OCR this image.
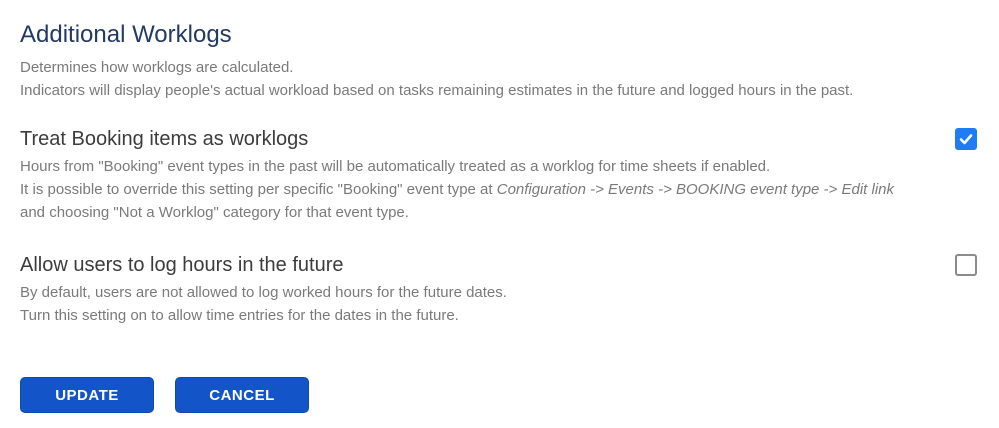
Additional Worklogs

Determines how worklogs are calculated.

Indicators will display people's actual workload based on tasks remaining estimates in the future and logged hours in the past.

Treat Booking items as worklogs

Hours from "Booking" event types in the past will be automatically treated as a worklog for time sheets if enabled.

It is possible to override this setting per specific "Booking" event type at Configuration -> Events -> BOOKING event type -> Edit link

and choosing "Not a Worklog" category for that event type.

Allow users to log hours in the future

By default, users are not allowed to log worked hours for the future dates.

Turn this setting on to allow time entries for the dates in the future.

UPDATE	CANCEL
